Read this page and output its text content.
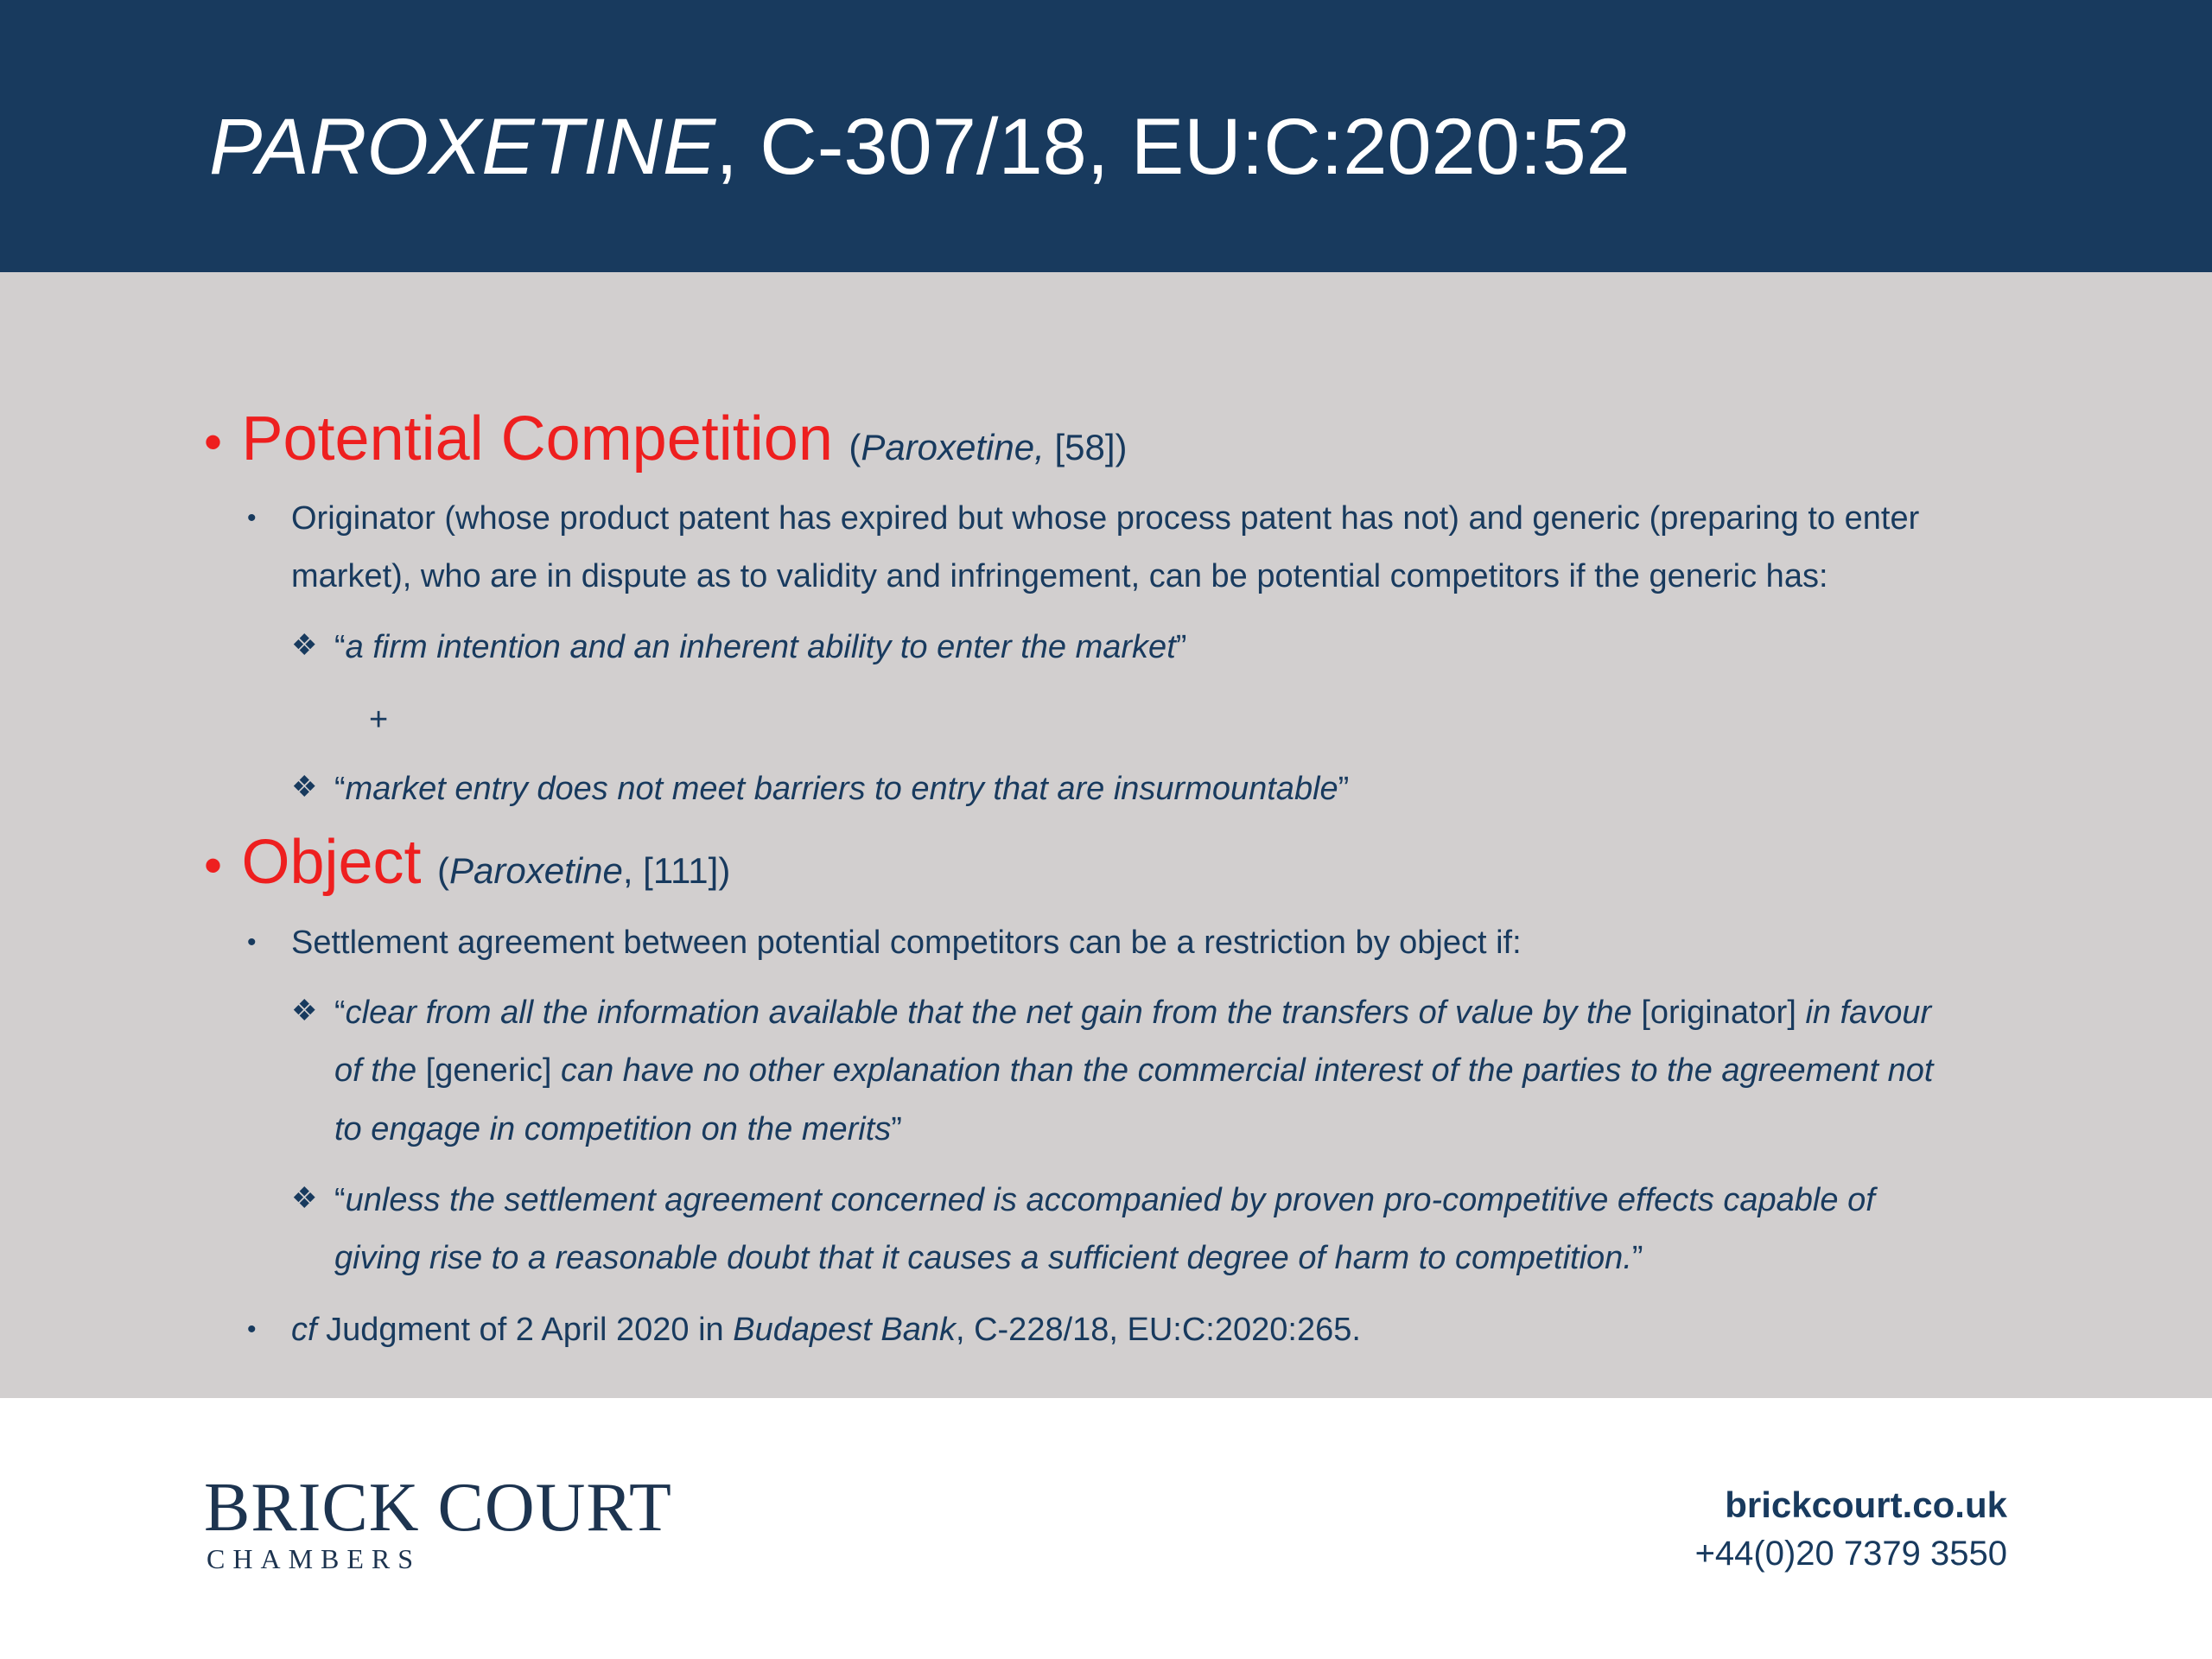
PAROXETINE, C-307/18, EU:C:2020:52
• Potential Competition (Paroxetine, [58])
• Originator (whose product patent has expired but whose process patent has not) and generic (preparing to enter
market), who are in dispute as to validity and infringement, can be potential competitors if the generic has:
❖ “a firm intention and an inherent ability to enter the market”
+
❖ “market entry does not meet barriers to entry that are insurmountable”
• Object (Paroxetine, [111])
• Settlement agreement between potential competitors can be a restriction by object if:
❖ “clear from all the information available that the net gain from the transfers of value by the [originator] in favour
of the [generic] can have no other explanation than the commercial interest of the parties to the agreement not
to engage in competition on the merits”
❖ “unless the settlement agreement concerned is accompanied by proven pro-competitive effects capable of
giving rise to a reasonable doubt that it causes a sufficient degree of harm to competition.”
• cf Judgment of 2 April 2020 in Budapest Bank, C-228/18, EU:C:2020:265.
BRICK COURT
CHAMBERS
brickcourt.co.uk
+44(0)20 7379 3550
